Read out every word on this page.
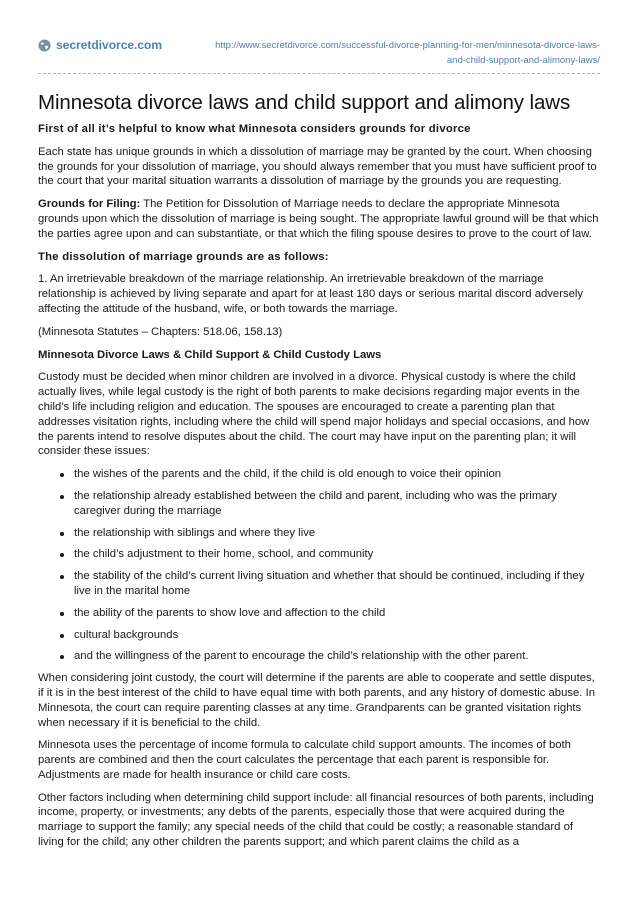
secretdivorce.com	http://www.secretdivorce.com/successful-divorce-planning-for-men/minnesota-divorce-laws-
and-child-support-and-alimony-laws/
Minnesota divorce laws and child support and alimony laws

First of all it’s helpful to know what Minnesota considers grounds for divorce

Each state has unique grounds in which a dissolution of marriage may be granted by the court. When choosing the grounds for your dissolution of marriage, you should always remember that you must have sufficient proof to the court that your marital situation warrants a dissolution of marriage by the grounds you are requesting.

Grounds for Filing: The Petition for Dissolution of Marriage needs to declare the appropriate Minnesota grounds upon which the dissolution of marriage is being sought. The appropriate lawful ground will be that which the parties agree upon and can substantiate, or that which the filing spouse desires to prove to the court of law.

The dissolution of marriage grounds are as follows:

1. An irretrievable breakdown of the marriage relationship. An irretrievable breakdown of the marriage relationship is achieved by living separate and apart for at least 180 days or serious marital discord adversely affecting the attitude of the husband, wife, or both towards the marriage.

(Minnesota Statutes – Chapters: 518.06, 158.13)

Minnesota Divorce Laws & Child Support & Child Custody Laws

Custody must be decided when minor children are involved in a divorce. Physical custody is where the child actually lives, while legal custody is the right of both parents to make decisions regarding major events in the child’s life including religion and education. The spouses are encouraged to create a parenting plan that addresses visitation rights, including where the child will spend major holidays and special occasions, and how the parents intend to resolve disputes about the child. The court may have input on the parenting plan; it will consider these issues:

the wishes of the parents and the child, if the child is old enough to voice their opinion
the relationship already established between the child and parent, including who was the primary caregiver during the marriage
the relationship with siblings and where they live
the child’s adjustment to their home, school, and community
the stability of the child’s current living situation and whether that should be continued, including if they live in the marital home
the ability of the parents to show love and affection to the child
cultural backgrounds
and the willingness of the parent to encourage the child’s relationship with the other parent.

When considering joint custody, the court will determine if the parents are able to cooperate and settle disputes, if it is in the best interest of the child to have equal time with both parents, and any history of domestic abuse. In Minnesota, the court can require parenting classes at any time. Grandparents can be granted visitation rights when necessary if it is beneficial to the child.

Minnesota uses the percentage of income formula to calculate child support amounts. The incomes of both parents are combined and then the court calculates the percentage that each parent is responsible for. Adjustments are made for health insurance or child care costs.

Other factors including when determining child support include: all financial resources of both parents, including income, property, or investments; any debts of the parents, especially those that were acquired during the marriage to support the family; any special needs of the child that could be costly; a reasonable standard of living for the child; any other children the parents support; and which parent claims the child as a
